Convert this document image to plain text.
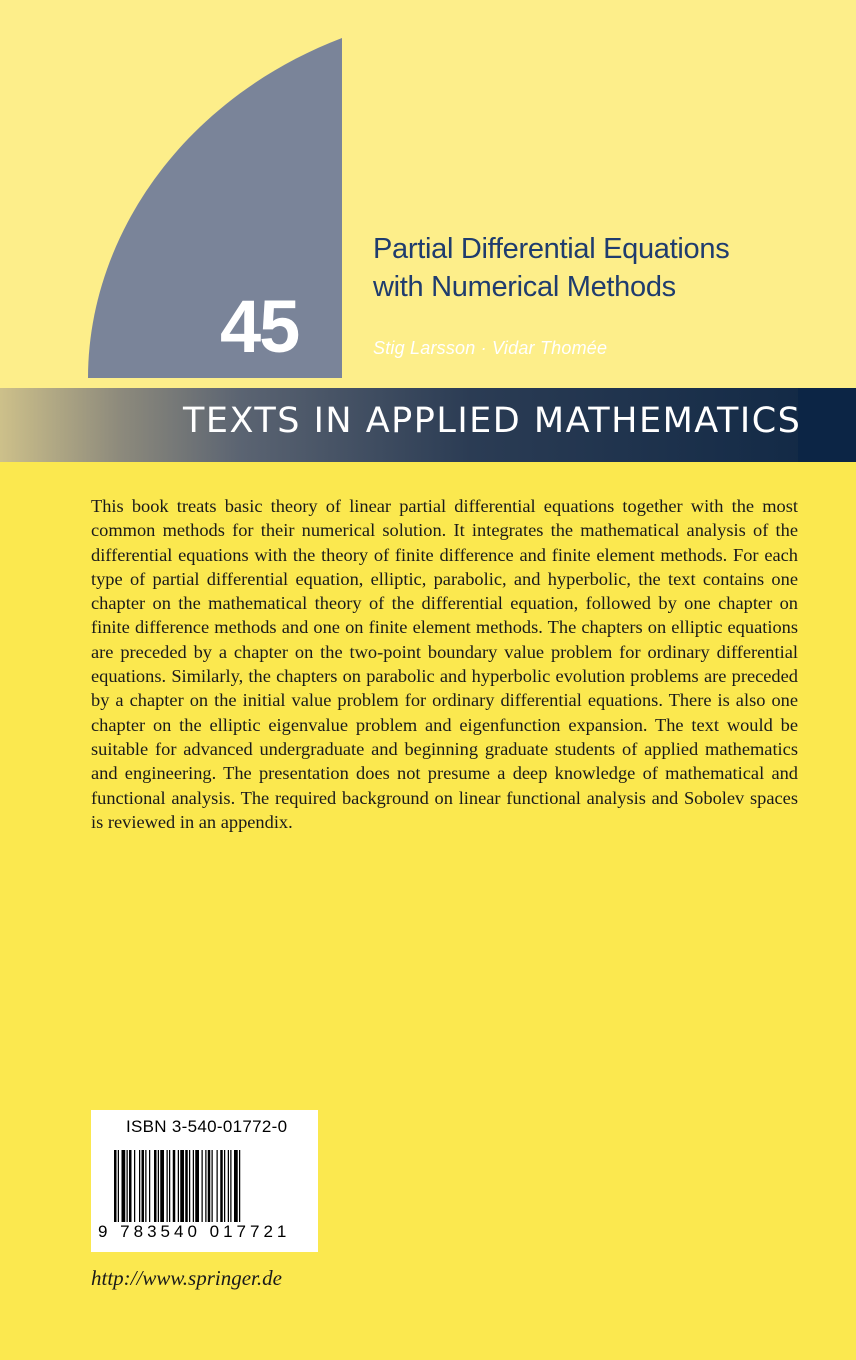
45
Partial Differential Equations
with Numerical Methods
Stig Larsson · Vidar Thomée
TEXTS IN APPLIED MATHEMATICS

This book treats basic theory of linear partial differential equations together with the most common methods for their numerical solution. It integrates the mathematical analysis of the differential equations with the theory of finite difference and finite element methods. For each type of partial differential equation, elliptic, parabolic, and hyperbolic, the text contains one chapter on the mathematical theory of the differential equation, followed by one chapter on finite difference methods and one on finite element methods. The chapters on elliptic equations are preceded by a chapter on the two-point boundary value problem for ordinary differential equations. Similarly, the chapters on parabolic and hyperbolic evolution problems are preceded by a chapter on the initial value problem for ordinary differential equations. There is also one chapter on the elliptic eigenvalue problem and eigenfunction expansion. The text would be suitable for advanced undergraduate and beginning graduate students of applied mathematics and engineering. The presentation does not presume a deep knowledge of mathematical and functional analysis. The required background on linear functional analysis and Sobolev spaces is reviewed in an appendix.

ISBN 3-540-01772-0
9 783540 017721
http://www.springer.de
